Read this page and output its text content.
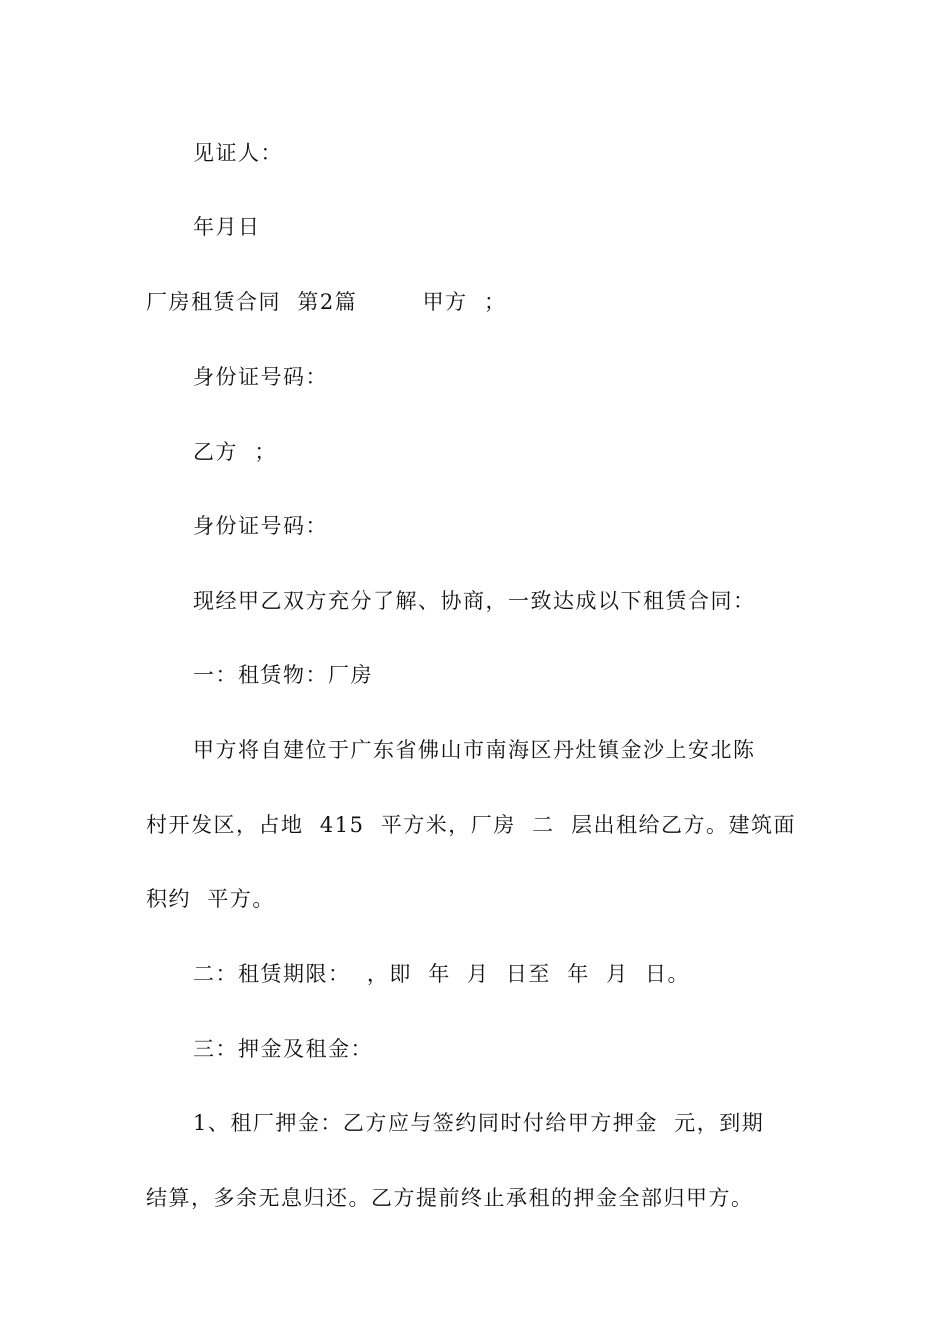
见证人：
年月日
厂房租赁合同  第2篇        甲方  ；
身份证号码：
乙方  ；
身份证号码：
现经甲乙双方充分了解、协商，一致达成以下租赁合同：
一：租赁物：厂房
甲方将自建位于广东省佛山市南海区丹灶镇金沙上安北陈
村开发区，占地  415  平方米，厂房  二  层出租给乙方。建筑面
积约  平方。
二：租赁期限：  ，即  年  月  日至  年  月  日。
三：押金及租金：
1、租厂押金：乙方应与签约同时付给甲方押金  元，到期
结算，多余无息归还。乙方提前终止承租的押金全部归甲方。
